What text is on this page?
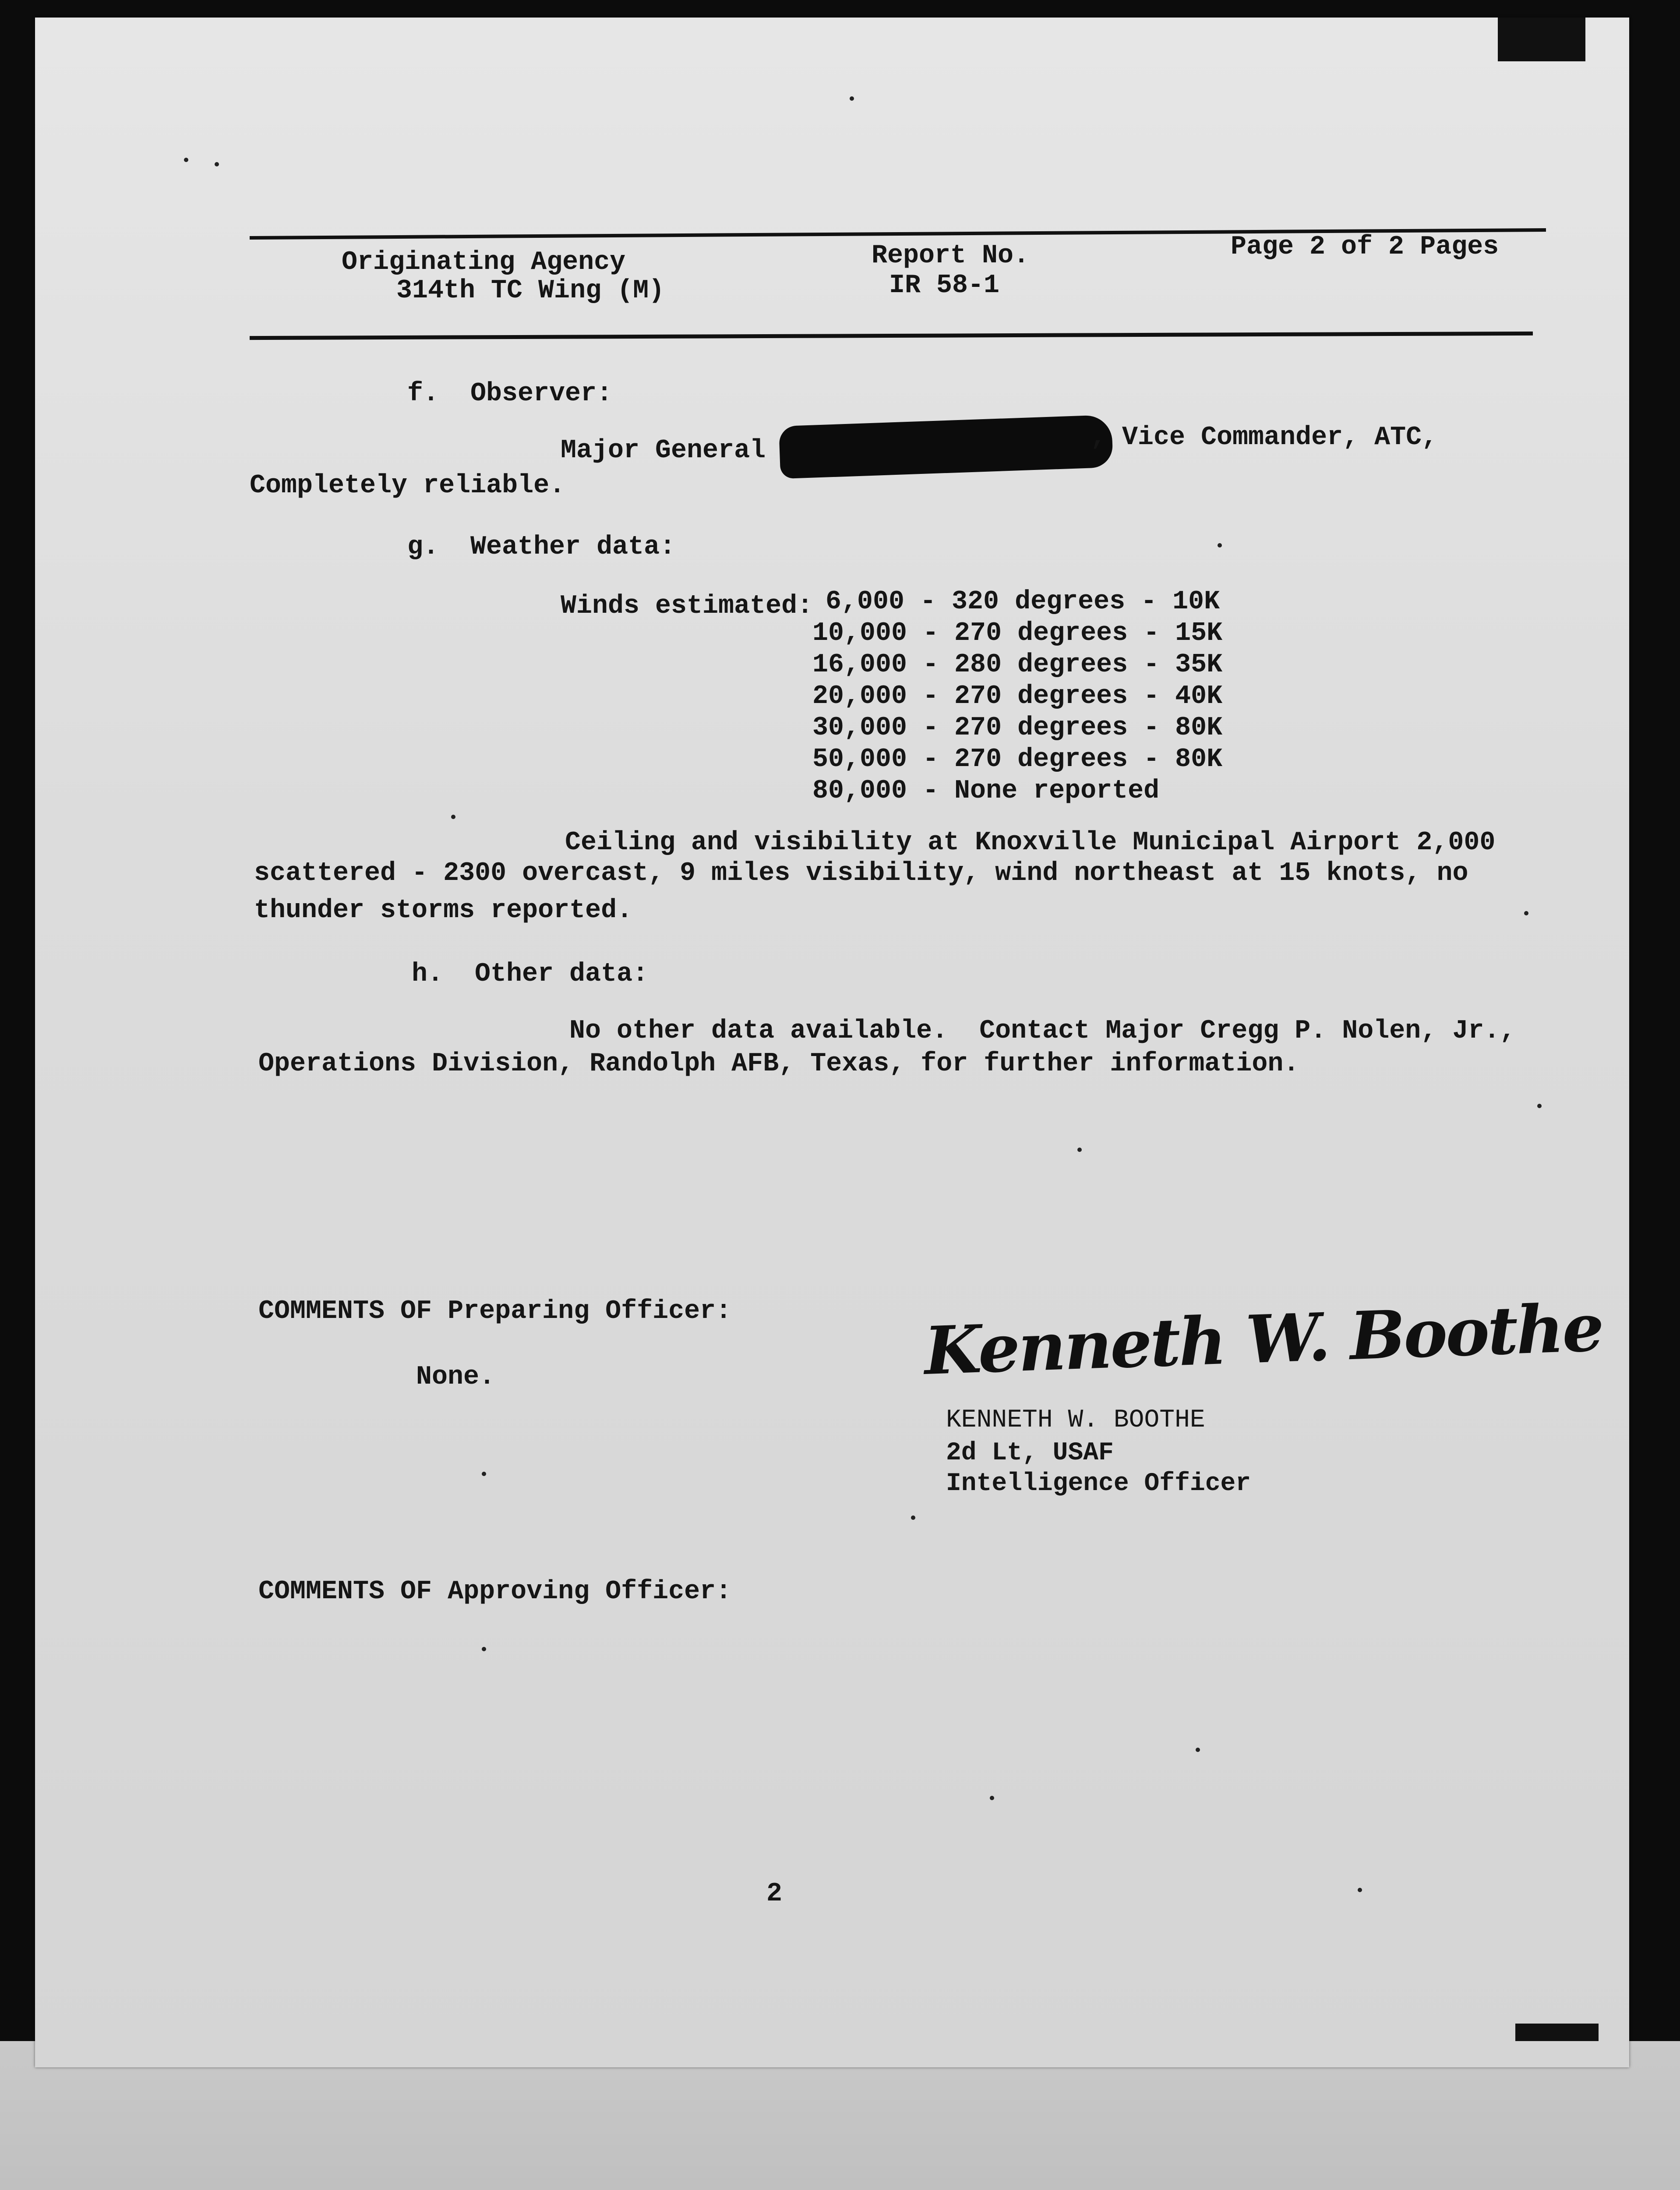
Originating Agency
314th TC Wing (M)
Report No.
IR 58-1
Page 2 of 2 Pages
f.  Observer:
Major General	, Vice Commander, ATC,
Completely reliable.
g.  Weather data:
Winds estimated: 6,000 - 320 degrees - 10K
10,000 - 270 degrees - 15K
16,000 - 280 degrees - 35K
20,000 - 270 degrees - 40K
30,000 - 270 degrees - 80K
50,000 - 270 degrees - 80K
80,000 - None reported
Ceiling and visibility at Knoxville Municipal Airport 2,000
scattered - 2300 overcast, 9 miles visibility, wind northeast at 15 knots, no
thunder storms reported.
h.  Other data:
No other data available.  Contact Major Cregg P. Nolen, Jr.,
Operations Division, Randolph AFB, Texas, for further information.
COMMENTS OF Preparing Officer:
None.	Kenneth W. Boothe
KENNETH W. BOOTHE
2d Lt, USAF
Intelligence Officer
COMMENTS OF Approving Officer:
2
